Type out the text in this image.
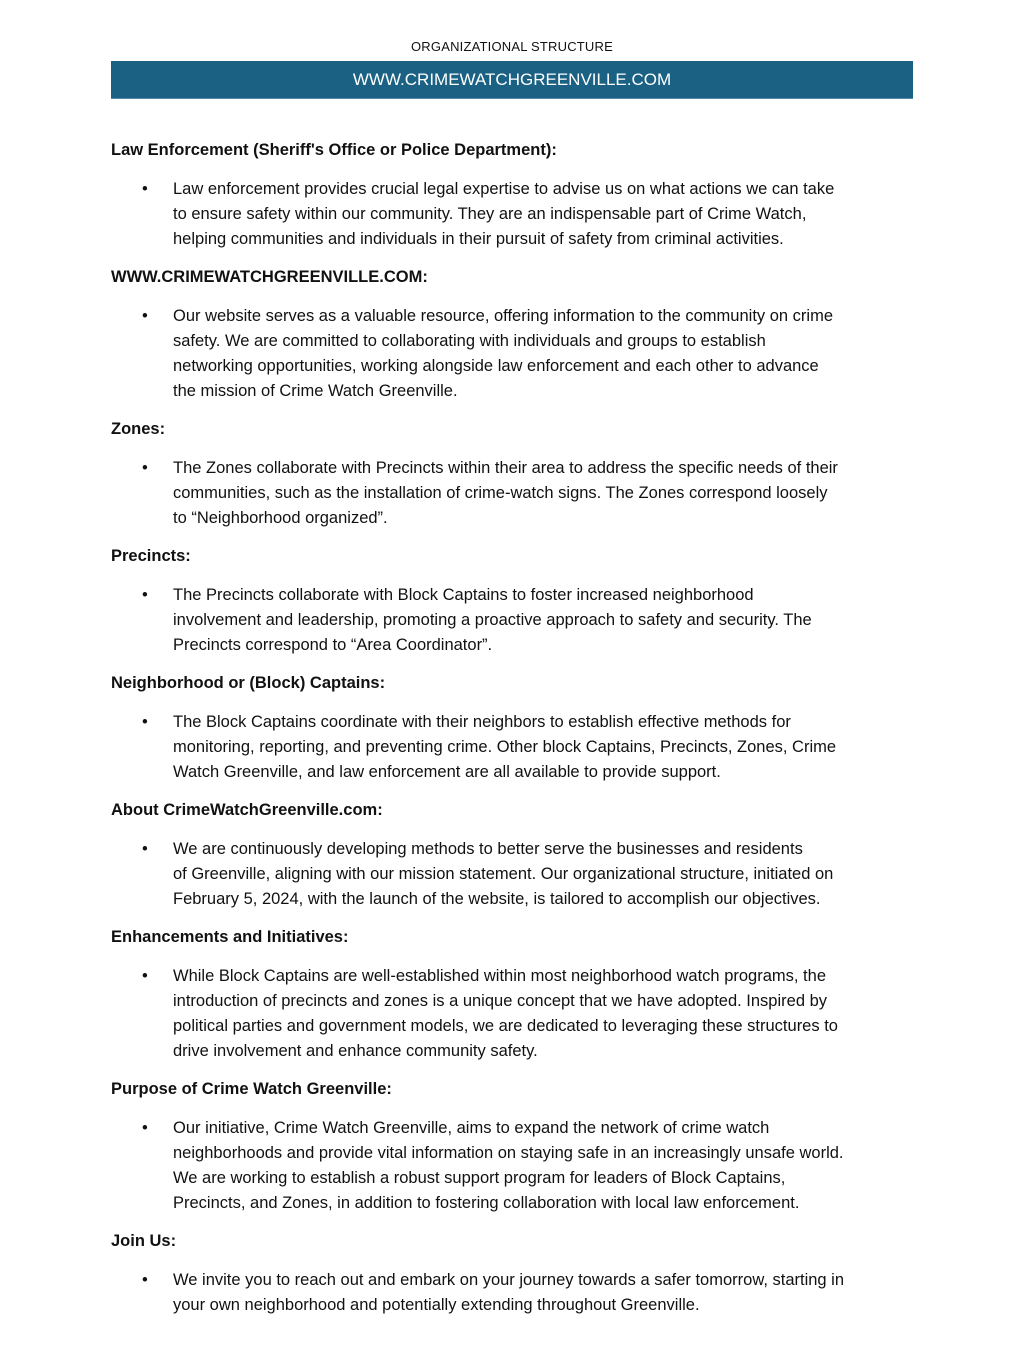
ORGANIZATIONAL STRUCTURE
WWW.CRIMEWATCHGREENVILLE.COM
Law Enforcement (Sheriff's Office or Police Department):
• Law enforcement provides crucial legal expertise to advise us on what actions we can take
to ensure safety within our community. They are an indispensable part of Crime Watch,
helping communities and individuals in their pursuit of safety from criminal activities.
WWW.CRIMEWATCHGREENVILLE.COM:
• Our website serves as a valuable resource, offering information to the community on crime
safety. We are committed to collaborating with individuals and groups to establish
networking opportunities, working alongside law enforcement and each other to advance
the mission of Crime Watch Greenville.
Zones:
• The Zones collaborate with Precincts within their area to address the specific needs of their
communities, such as the installation of crime-watch signs. The Zones correspond loosely
to “Neighborhood organized”.
Precincts:
• The Precincts collaborate with Block Captains to foster increased neighborhood
involvement and leadership, promoting a proactive approach to safety and security. The
Precincts correspond to “Area Coordinator”.
Neighborhood or (Block) Captains:
• The Block Captains coordinate with their neighbors to establish effective methods for
monitoring, reporting, and preventing crime. Other block Captains, Precincts, Zones, Crime
Watch Greenville, and law enforcement are all available to provide support.
About CrimeWatchGreenville.com:
• We are continuously developing methods to better serve the businesses and residents
of Greenville, aligning with our mission statement. Our organizational structure, initiated on
February 5, 2024, with the launch of the website, is tailored to accomplish our objectives.
Enhancements and Initiatives:
• While Block Captains are well-established within most neighborhood watch programs, the
introduction of precincts and zones is a unique concept that we have adopted. Inspired by
political parties and government models, we are dedicated to leveraging these structures to
drive involvement and enhance community safety.
Purpose of Crime Watch Greenville:
• Our initiative, Crime Watch Greenville, aims to expand the network of crime watch
neighborhoods and provide vital information on staying safe in an increasingly unsafe world.
We are working to establish a robust support program for leaders of Block Captains,
Precincts, and Zones, in addition to fostering collaboration with local law enforcement.
Join Us:
• We invite you to reach out and embark on your journey towards a safer tomorrow, starting in
your own neighborhood and potentially extending throughout Greenville.
